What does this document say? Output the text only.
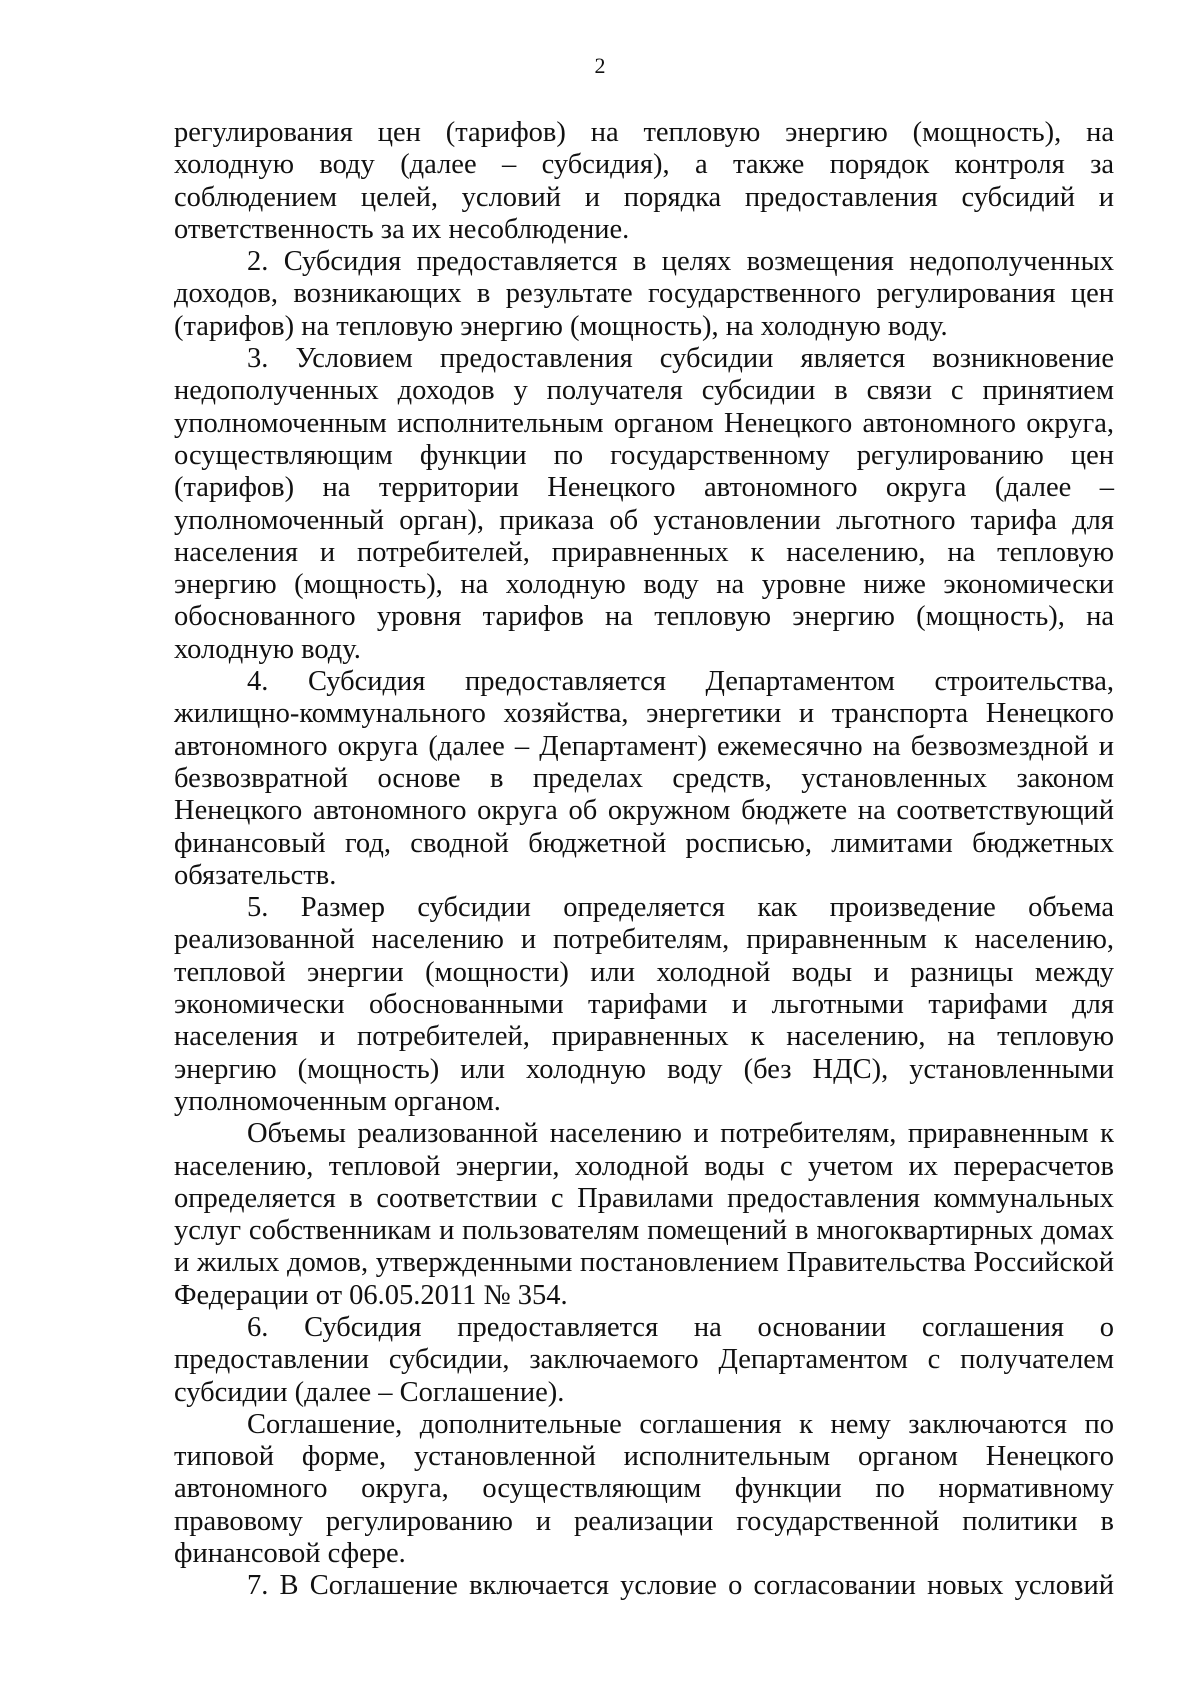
2

регулирования цен (тарифов) на тепловую энергию (мощность), на холодную воду (далее – субсидия), а также порядок контроля за соблюдением целей, условий и порядка предоставления субсидий и ответственность за их несоблюдение.

2. Субсидия предоставляется в целях возмещения недополученных доходов, возникающих в результате государственного регулирования цен (тарифов) на тепловую энергию (мощность), на холодную воду.

3. Условием предоставления субсидии является возникновение недополученных доходов у получателя субсидии в связи с принятием уполномоченным исполнительным органом Ненецкого автономного округа, осуществляющим функции по государственному регулированию цен (тарифов) на территории Ненецкого автономного округа (далее – уполномоченный орган), приказа об установлении льготного тарифа для населения и потребителей, приравненных к населению, на тепловую энергию (мощность), на холодную воду на уровне ниже экономически обоснованного уровня тарифов на тепловую энергию (мощность), на холодную воду.

4. Субсидия предоставляется Департаментом строительства, жилищно-коммунального хозяйства, энергетики и транспорта Ненецкого автономного округа (далее – Департамент) ежемесячно на безвозмездной и безвозвратной основе в пределах средств, установленных законом Ненецкого автономного округа об окружном бюджете на соответствующий финансовый год, сводной бюджетной росписью, лимитами бюджетных обязательств.

5. Размер субсидии определяется как произведение объема реализованной населению и потребителям, приравненным к населению, тепловой энергии (мощности) или холодной воды и разницы между экономически обоснованными тарифами и льготными тарифами для населения и потребителей, приравненных к населению, на тепловую энергию (мощность) или холодную воду (без НДС), установленными уполномоченным органом.

Объемы реализованной населению и потребителям, приравненным к населению, тепловой энергии, холодной воды с учетом их перерасчетов определяется в соответствии с Правилами предоставления коммунальных услуг собственникам и пользователям помещений в многоквартирных домах и жилых домов, утвержденными постановлением Правительства Российской Федерации от 06.05.2011 № 354.

6. Субсидия предоставляется на основании соглашения о предоставлении субсидии, заключаемого Департаментом с получателем субсидии (далее – Соглашение).

Соглашение, дополнительные соглашения к нему заключаются по типовой форме, установленной исполнительным органом Ненецкого автономного округа, осуществляющим функции по нормативному правовому регулированию и реализации государственной политики в финансовой сфере.

7. В Соглашение включается условие о согласовании новых условий
